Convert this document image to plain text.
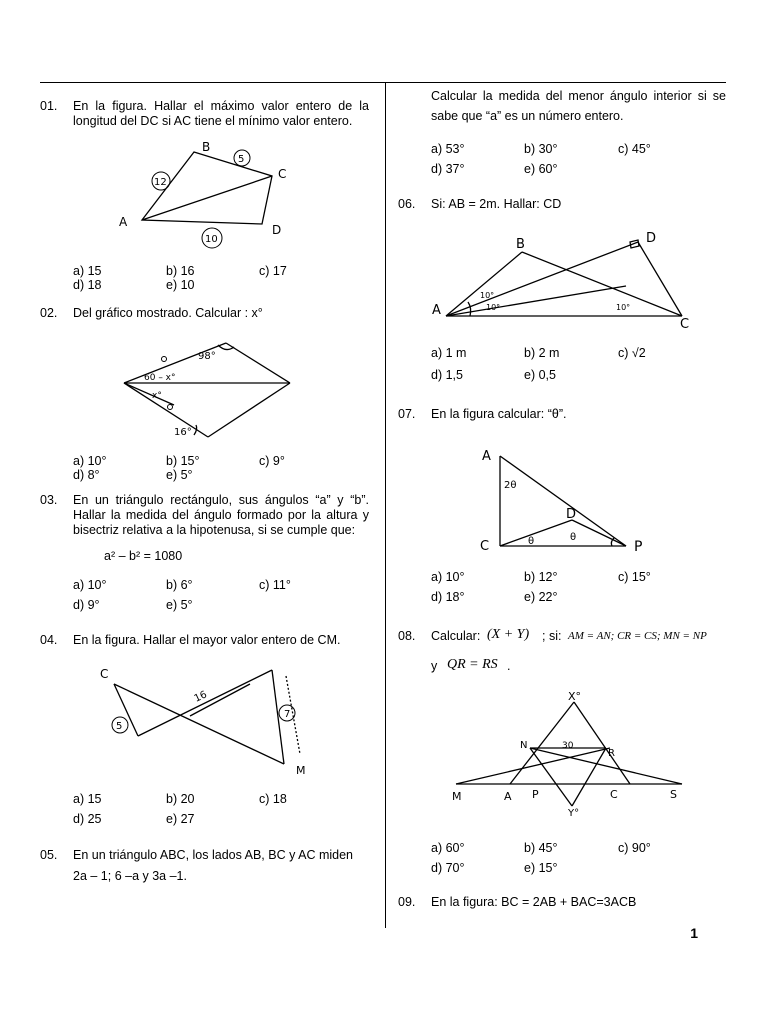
01.	En la figura. Hallar el máximo valor entero de la longitud del DC si AC tiene el mínimo valor entero.
B
C
A
D
5
12
10
a) 15	b) 16	c) 17
d) 18	e) 10
02.	Del gráfico mostrado. Calcular : x°
98°
60 – x°
x°
16°
a) 10°	b) 15°	c) 9°
d) 8°	e) 5°
03.	En un triángulo rectángulo, sus ángulos “a” y “b”. Hallar la medida del ángulo formado por la altura y bisectriz relativa a la hipotenusa, si se cumple que:
a² – b² = 1080
a) 10°	b) 6°	c) 11°
d) 9°	e) 5°
04.	En la figura. Hallar el mayor valor entero de CM.
C
M
5
16
7
a) 15	b) 20	c) 18
d) 25	e) 27
05.	En un triángulo ABC, los lados AB, BC y AC miden
2a – 1; 6 –a y 3a –1.
Calcular la medida del menor ángulo interior si se sabe que “a” es un número entero.
a) 53°	b) 30°	c) 45°
d) 37°	e) 60°
06.	Si: AB = 2m. Hallar: CD
A
B
C
D
10°
10°	10°
a) 1 m	b) 2 m	c) √2
d) 1,5	e) 0,5
07.	En la figura calcular: “θ”.
A
C
D
P
2θ
θ	θ
a) 10°	b) 12°	c) 15°
d) 18°	e) 22°
08.	Calcular: (X + Y) ; si: AM = AN; CR = CS; MN = NP
y QR = RS .
X°
30
Y°
M	A P	C	S
N
R
a) 60°	b) 45°	c) 90°
d) 70°	e) 15°
09.	En la figura: BC = 2AB + BAC=3ACB
1
